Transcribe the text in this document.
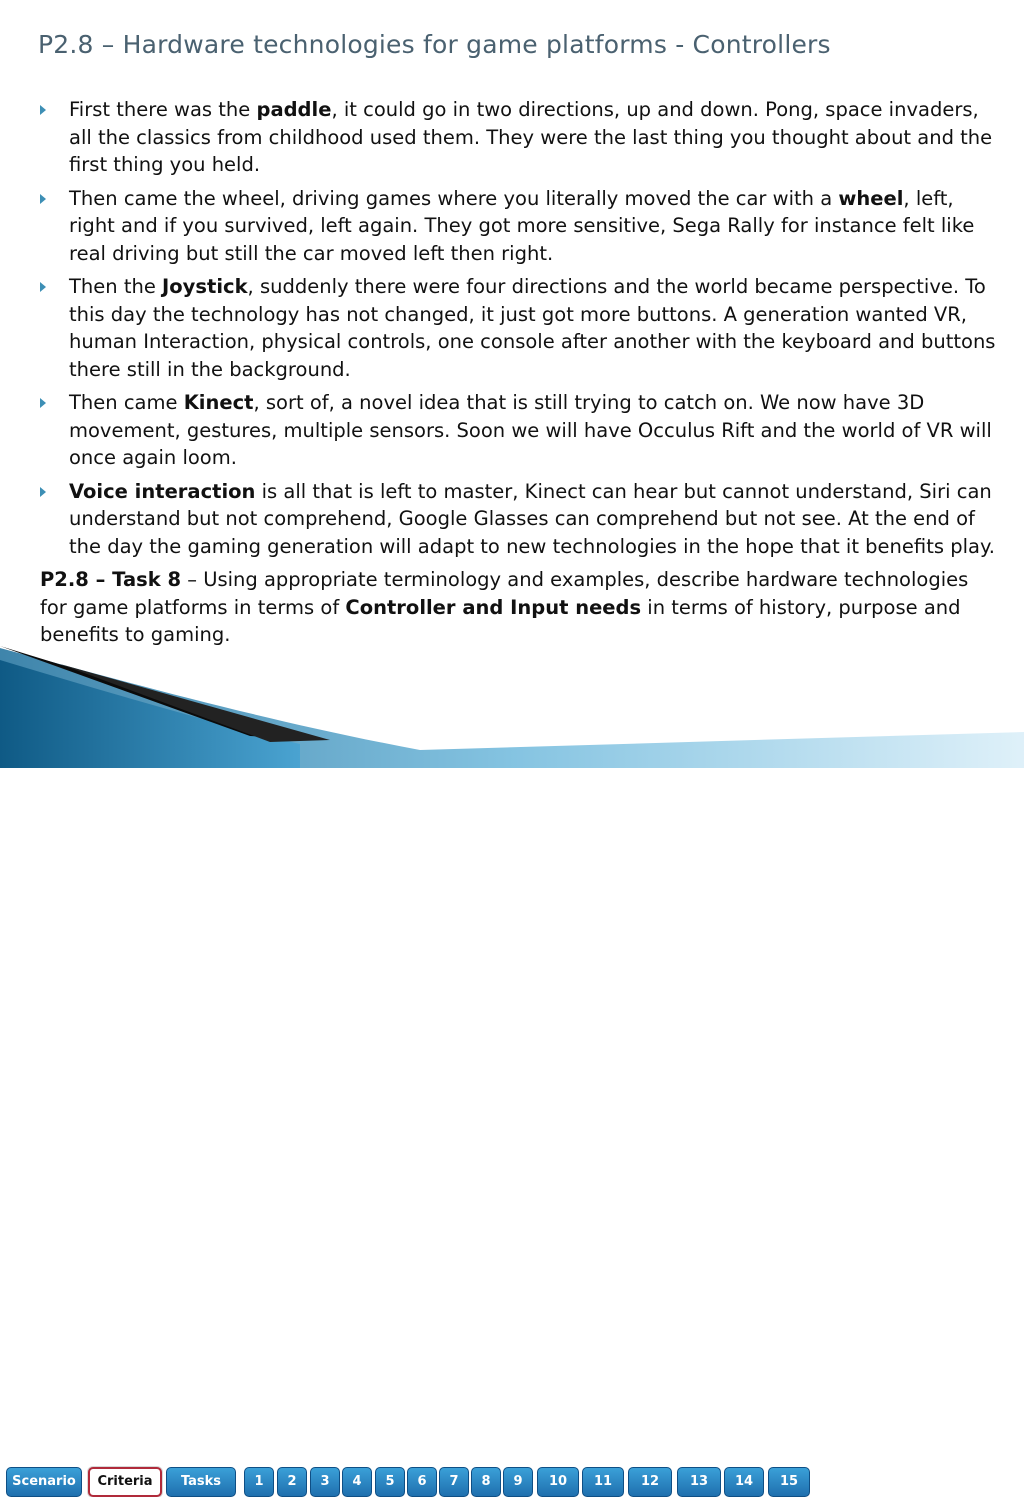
P2.8 – Hardware technologies for game platforms - Controllers
First there was the paddle, it could go in two directions, up and down. Pong, space invaders, all the classics from childhood used them. They were the last thing you thought about and the first thing you held.
Then came the wheel, driving games where you literally moved the car with a wheel, left, right and if you survived, left again. They got more sensitive, Sega Rally for instance felt like real driving but still the car moved left then right.
Then the Joystick, suddenly there were four directions and the world became perspective. To this day the technology has not changed, it just got more buttons. A generation wanted VR, human Interaction, physical controls, one console after another with the keyboard and buttons there still in the background.
Then came Kinect, sort of, a novel idea that is still trying to catch on. We now have 3D movement, gestures, multiple sensors. Soon we will have Occulus Rift and the world of VR will once again loom.
Voice interaction is all that is left to master, Kinect can hear but cannot understand, Siri can understand but not comprehend, Google Glasses can comprehend but not see. At the end of the day the gaming generation will adapt to new technologies in the hope that it benefits play.
P2.8 – Task 8 – Using appropriate terminology and examples, describe hardware technologies for game platforms in terms of Controller and Input needs in terms of history, purpose and benefits to gaming.
Scenario	Criteria	Tasks	1	2	3	4	5	6	7	8	9	10	11	12	13	14	15
